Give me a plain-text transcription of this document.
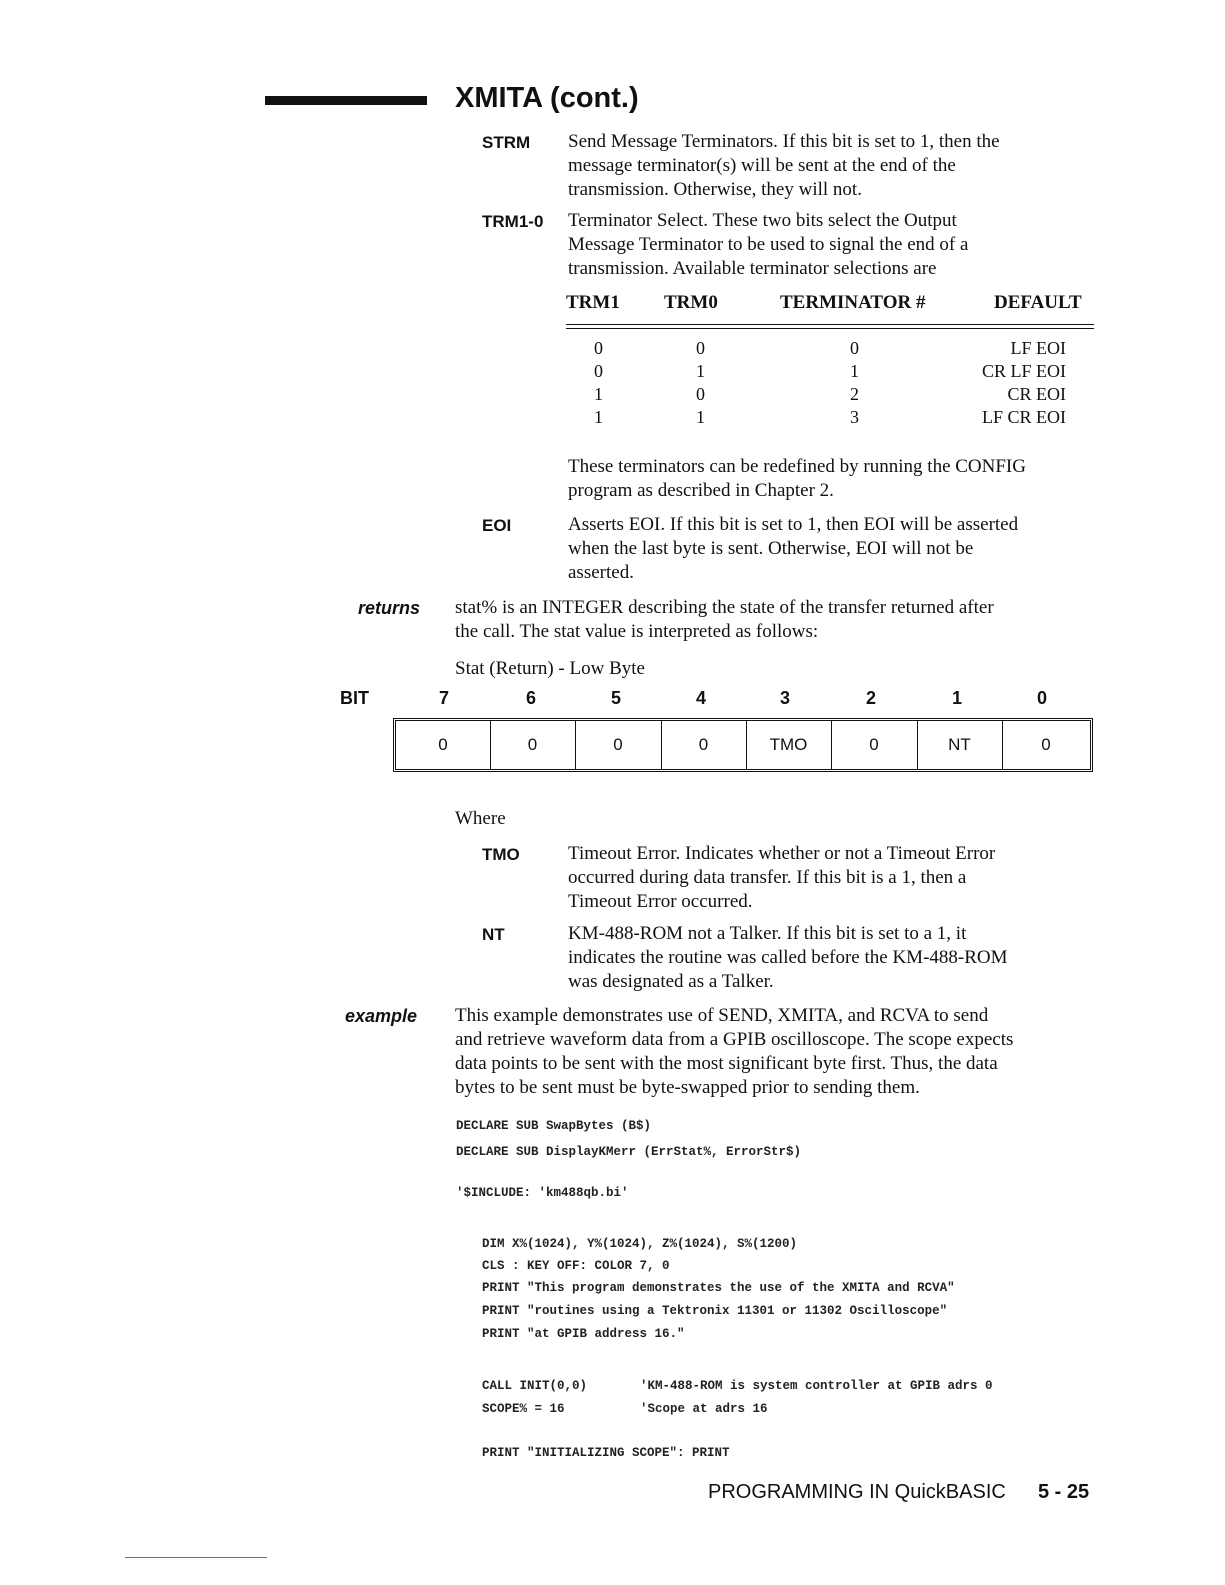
XMITA (cont.)
STRM Send Message Terminators. If this bit is set to 1, then the

message terminator(s) will be sent at the end of the

transmission. Otherwise, they will not.

TRM1-0 Terminator Select. These two bits select the Output

Message Terminator to be used to signal the end of a

transmission. Available terminator selections are

TRM1 TRM0	TERMINATOR #	DEFAULT
0	0	0	LF EOI
0	1	1	CR LF EOI
1	0	2	CR EOI
1	1	3	LF CR EOI

These terminators can be redefined by running the CONFIG

program as described in Chapter 2.

EOI	Asserts EOI. If this bit is set to 1, then EOI will be asserted

when the last byte is sent. Otherwise, EOI will not be

asserted.

returns stat% is an INTEGER describing the state of the transfer returned after

the call. The stat value is interpreted as follows:

Stat (Return) - Low Byte
BIT	7	6	5	4	3	2	1	0
0	0	0	0	TMO	0	NT	0
Where
TMO	Timeout Error. Indicates whether or not a Timeout Error

occurred during data transfer. If this bit is a 1, then a

Timeout Error occurred.

NT	KM-488-ROM not a Talker. If this bit is set to a 1, it

indicates the routine was called before the KM-488-ROM

was designated as a Talker.

example This example demonstrates use of SEND, XMITA, and RCVA to send

and retrieve waveform data from a GPIB oscilloscope. The scope expects

data points to be sent with the most significant byte first. Thus, the data

bytes to be sent must be byte-swapped prior to sending them.

DECLARE SUB SwapBytes (B$)
DECLARE SUB DisplayKMerr (ErrStat%, ErrorStr$)
'$INCLUDE: 'km488qb.bi'
DIM X%(1024), Y%(1024), Z%(1024), S%(1200)
CLS : KEY OFF: COLOR 7, 0
PRINT "This program demonstrates the use of the XMITA and RCVA"
PRINT "routines using a Tektronix 11301 or 11302 Oscilloscope"
PRINT "at GPIB address 16."
CALL INIT(0,0)	'KM-488-ROM is system controller at GPIB adrs 0
SCOPE% = 16	'Scope at adrs 16
PRINT "INITIALIZING SCOPE": PRINT
PROGRAMMING IN QuickBASIC 5 - 25
